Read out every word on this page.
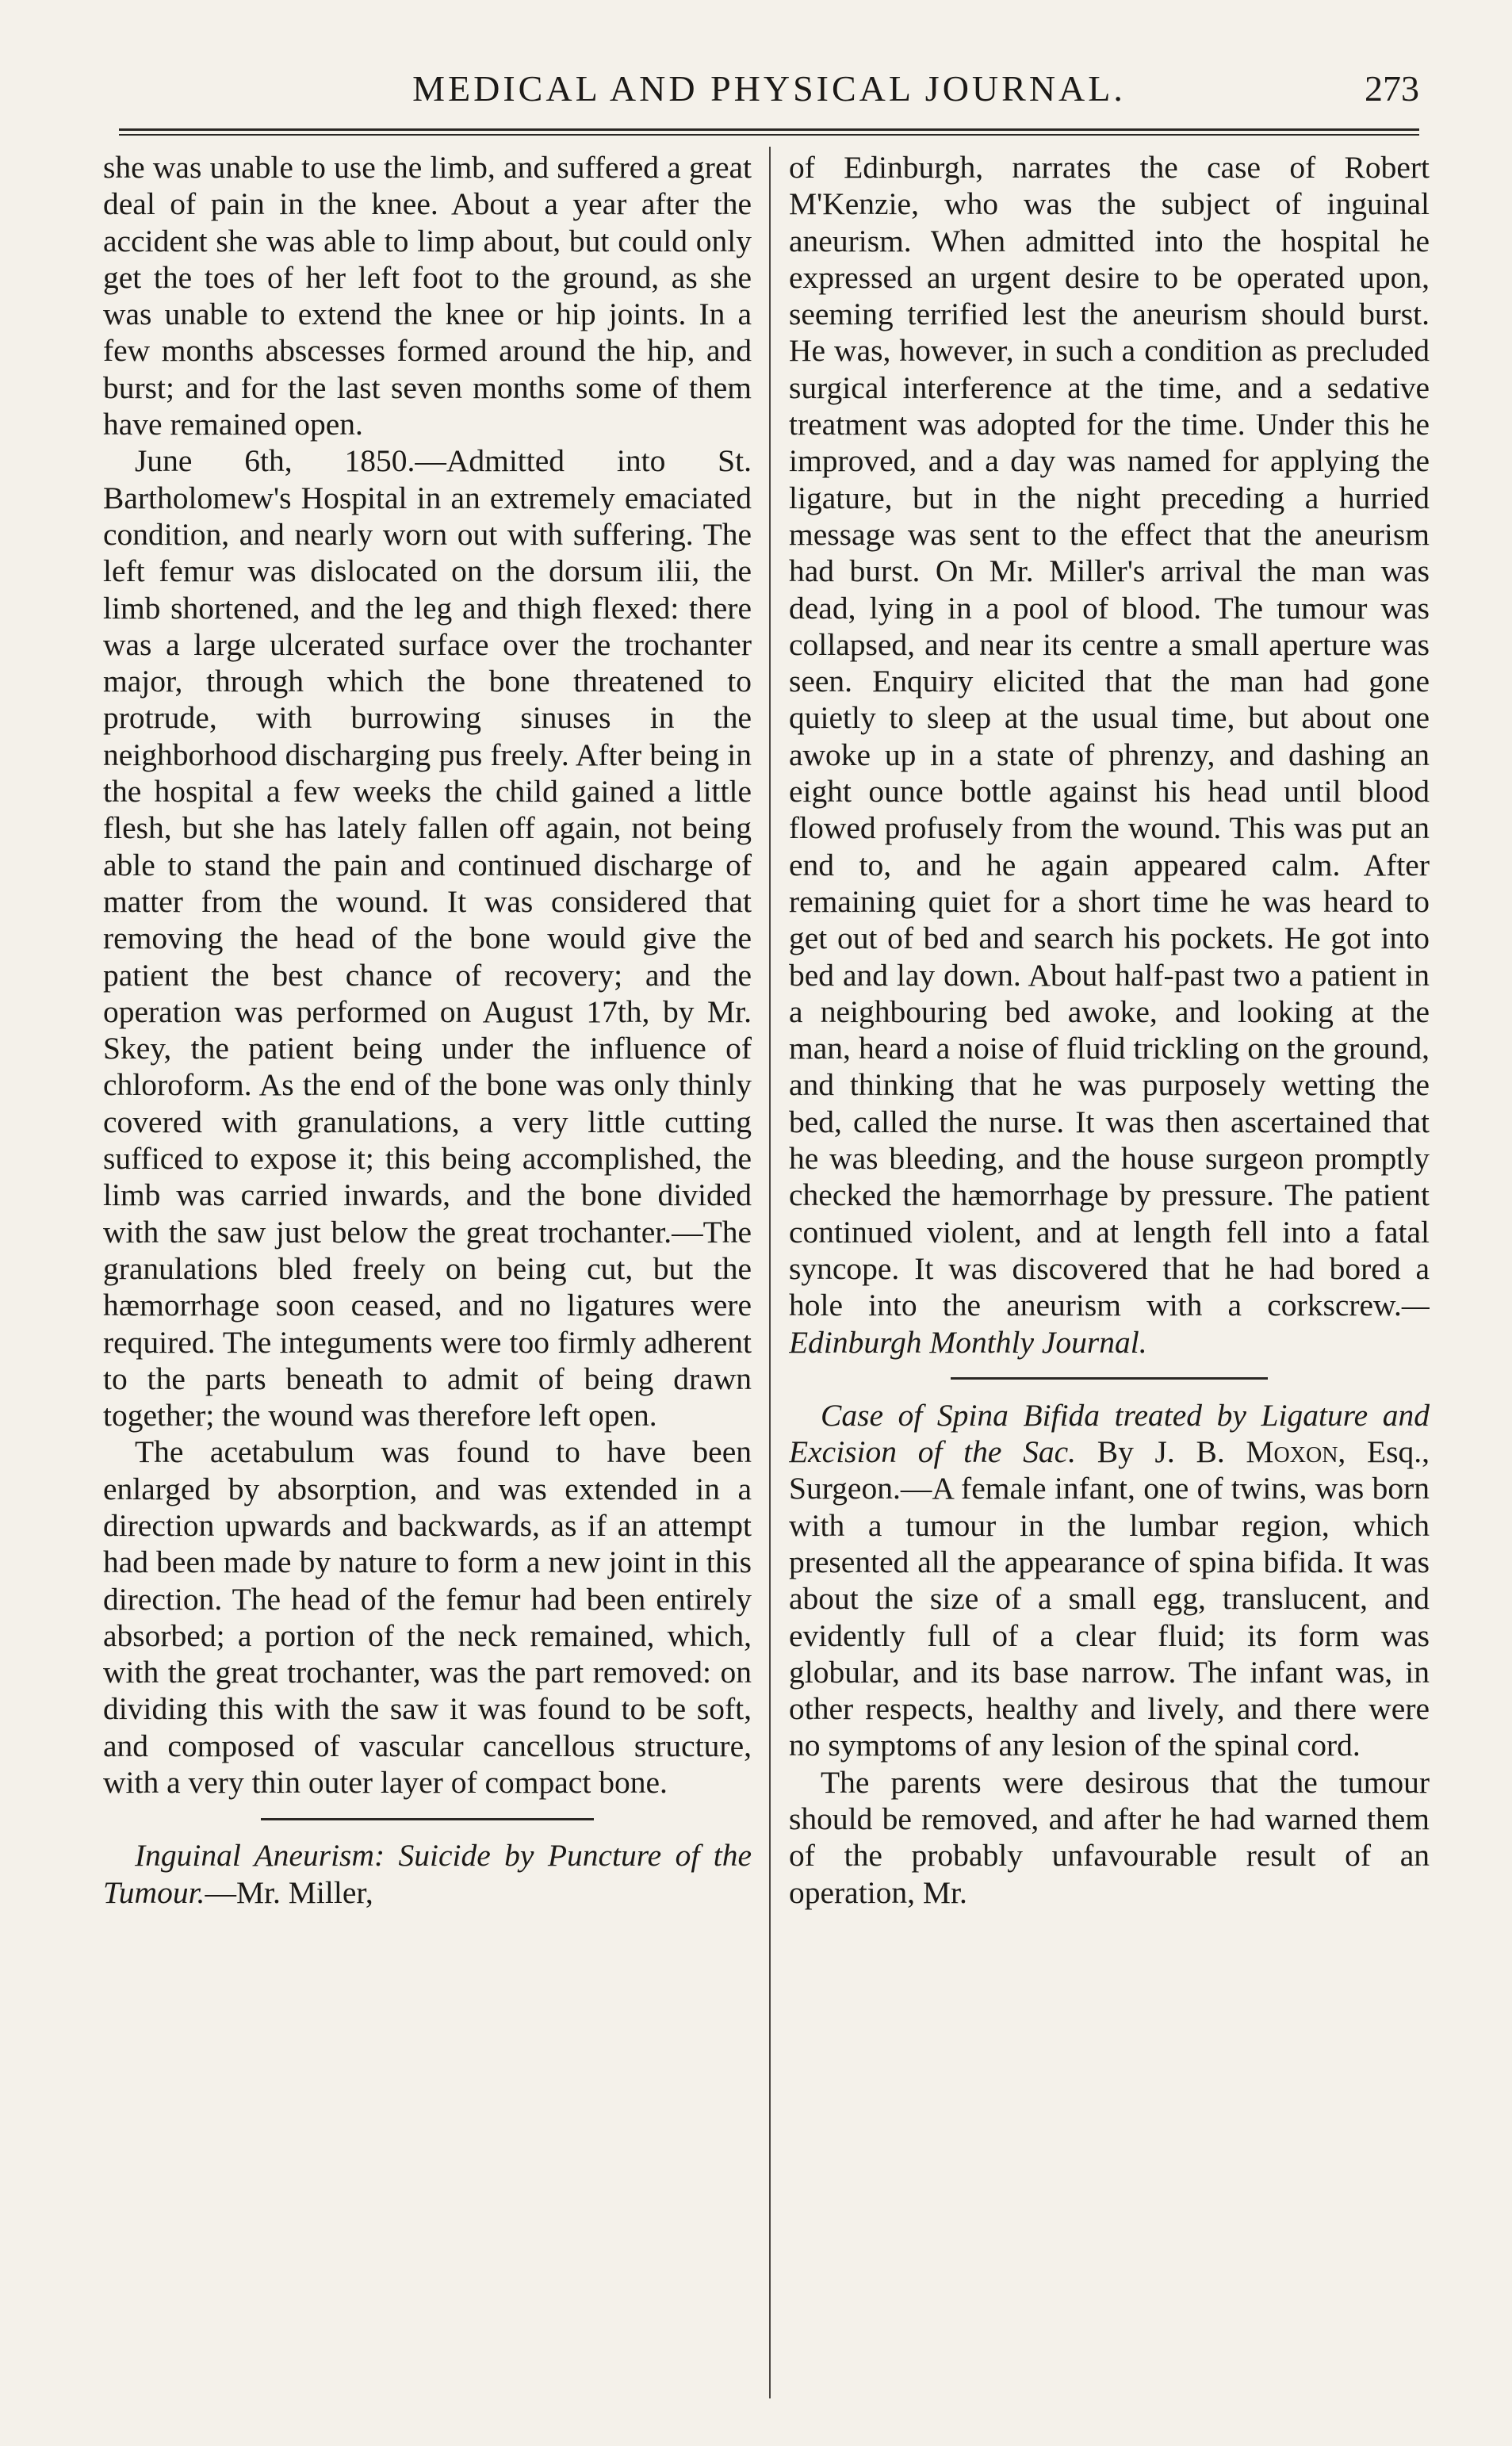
MEDICAL AND PHYSICAL JOURNAL.	273

she was unable to use the limb, and suffered a great deal of pain in the knee. About a year after the accident she was able to limp about, but could only get the toes of her left foot to the ground, as she was unable to extend the knee or hip joints. In a few months abscesses formed around the hip, and burst; and for the last seven months some of them have remained open.

June 6th, 1850.—Admitted into St. Bartholomew's Hospital in an extremely emaciated condition, and nearly worn out with suffering. The left femur was dislocated on the dorsum ilii, the limb shortened, and the leg and thigh flexed: there was a large ulcerated surface over the trochanter major, through which the bone threatened to protrude, with burrowing sinuses in the neighborhood discharging pus freely. After being in the hospital a few weeks the child gained a little flesh, but she has lately fallen off again, not being able to stand the pain and continued discharge of matter from the wound. It was considered that removing the head of the bone would give the patient the best chance of recovery; and the operation was performed on August 17th, by Mr. Skey, the patient being under the influence of chloroform. As the end of the bone was only thinly covered with granulations, a very little cutting sufficed to expose it; this being accomplished, the limb was carried inwards, and the bone divided with the saw just below the great trochanter.—The granulations bled freely on being cut, but the hæmorrhage soon ceased, and no ligatures were required. The integuments were too firmly adherent to the parts beneath to admit of being drawn together; the wound was therefore left open.

The acetabulum was found to have been enlarged by absorption, and was extended in a direction upwards and backwards, as if an attempt had been made by nature to form a new joint in this direction. The head of the femur had been entirely absorbed; a portion of the neck remained, which, with the great trochanter, was the part removed: on dividing this with the saw it was found to be soft, and composed of vascular cancellous structure, with a very thin outer layer of compact bone.

Inguinal Aneurism: Suicide by Puncture of the Tumour.—Mr. Miller,

of Edinburgh, narrates the case of Robert M'Kenzie, who was the subject of inguinal aneurism. When admitted into the hospital he expressed an urgent desire to be operated upon, seeming terrified lest the aneurism should burst. He was, however, in such a condition as precluded surgical interference at the time, and a sedative treatment was adopted for the time. Under this he improved, and a day was named for applying the ligature, but in the night preceding a hurried message was sent to the effect that the aneurism had burst. On Mr. Miller's arrival the man was dead, lying in a pool of blood. The tumour was collapsed, and near its centre a small aperture was seen. Enquiry elicited that the man had gone quietly to sleep at the usual time, but about one awoke up in a state of phrenzy, and dashing an eight ounce bottle against his head until blood flowed profusely from the wound. This was put an end to, and he again appeared calm. After remaining quiet for a short time he was heard to get out of bed and search his pockets. He got into bed and lay down. About half-past two a patient in a neighbouring bed awoke, and looking at the man, heard a noise of fluid trickling on the ground, and thinking that he was purposely wetting the bed, called the nurse. It was then ascertained that he was bleeding, and the house surgeon promptly checked the hæmorrhage by pressure. The patient continued violent, and at length fell into a fatal syncope. It was discovered that he had bored a hole into the aneurism with a corkscrew.—Edinburgh Monthly Journal.

Case of Spina Bifida treated by Ligature and Excision of the Sac. By J. B. Moxon, Esq., Surgeon.—A female infant, one of twins, was born with a tumour in the lumbar region, which presented all the appearance of spina bifida. It was about the size of a small egg, translucent, and evidently full of a clear fluid; its form was globular, and its base narrow. The infant was, in other respects, healthy and lively, and there were no symptoms of any lesion of the spinal cord.

The parents were desirous that the tumour should be removed, and after he had warned them of the probably unfavourable result of an operation, Mr.
